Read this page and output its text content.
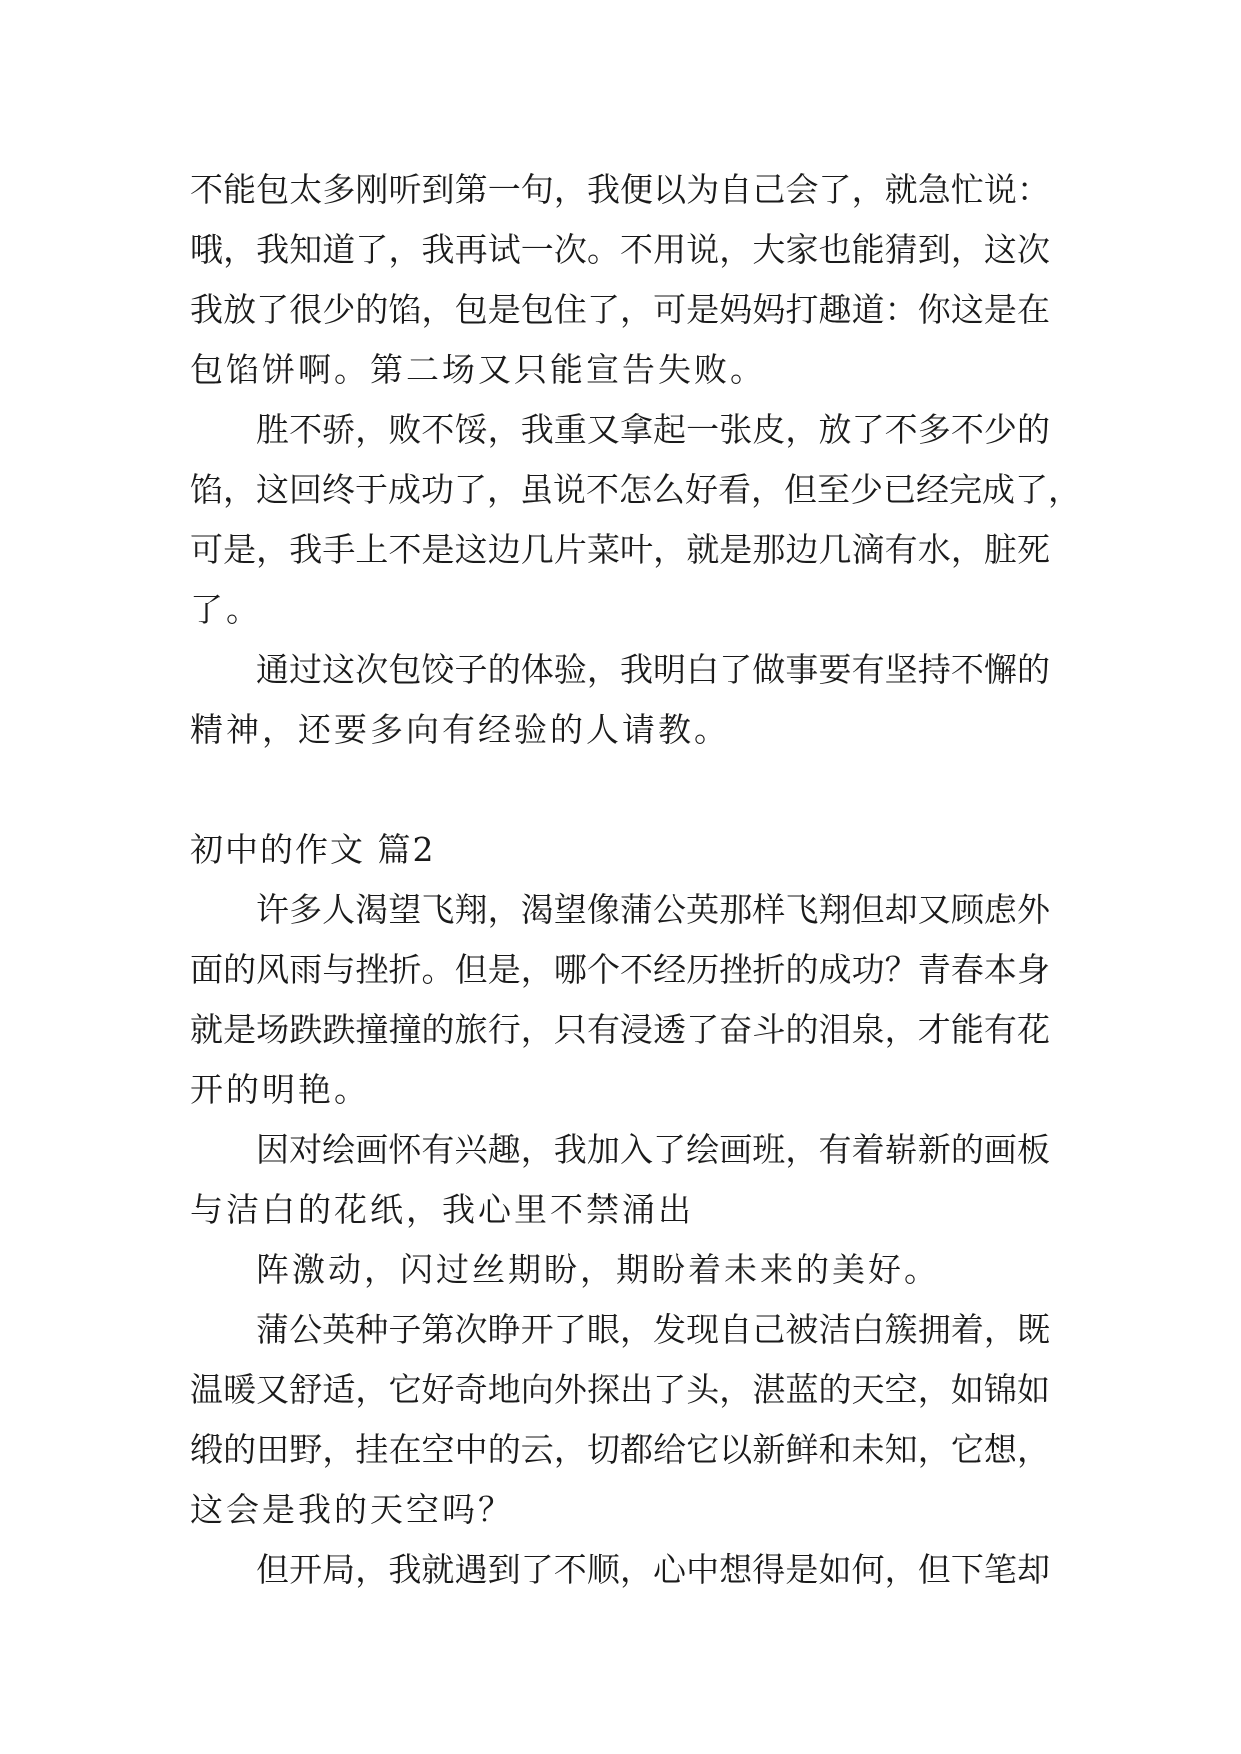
不能包太多刚听到第一句，我便以为自己会了，就急忙说：
哦，我知道了，我再试一次。不用说，大家也能猜到，这次
我放了很少的馅，包是包住了，可是妈妈打趣道：你这是在
包馅饼啊。第二场又只能宣告失败。
胜不骄，败不馁，我重又拿起一张皮，放了不多不少的
馅，这回终于成功了，虽说不怎么好看，但至少已经完成了，
可是，我手上不是这边几片菜叶，就是那边几滴有水，脏死
了。
通过这次包饺子的体验，我明白了做事要有坚持不懈的
精神，还要多向有经验的人请教。
初中的作文 篇2
许多人渴望飞翔，渴望像蒲公英那样飞翔但却又顾虑外
面的风雨与挫折。但是，哪个不经历挫折的成功？青春本身
就是场跌跌撞撞的旅行，只有浸透了奋斗的泪泉，才能有花
开的明艳。
因对绘画怀有兴趣，我加入了绘画班，有着崭新的画板
与洁白的花纸，我心里不禁涌出
阵激动，闪过丝期盼，期盼着未来的美好。
蒲公英种子第次睁开了眼，发现自己被洁白簇拥着，既
温暖又舒适，它好奇地向外探出了头，湛蓝的天空，如锦如
缎的田野，挂在空中的云，切都给它以新鲜和未知，它想，
这会是我的天空吗？
但开局，我就遇到了不顺，心中想得是如何，但下笔却
